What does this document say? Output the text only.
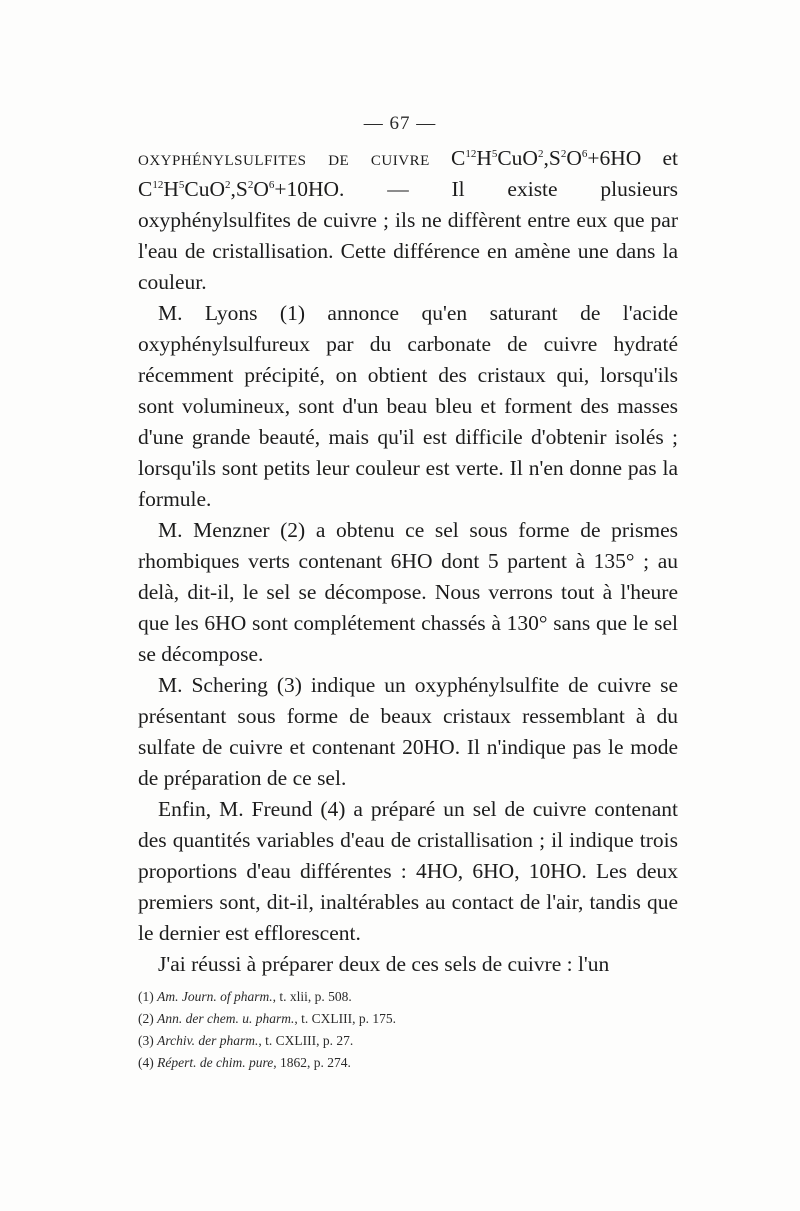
— 67 —

oxyphénylsulfites de cuivre $C^{12}H^5CuO^2,S^2O^6+6HO$ et $C^{12}H^5CuO^2,S^2O^6+10HO$. — Il existe plusieurs oxyphénylsulfites de cuivre ; ils ne diffèrent entre eux que par l'eau de cristallisation. Cette différence en amène une dans la couleur.

M. Lyons (1) annonce qu'en saturant de l'acide oxyphénylsulfureux par du carbonate de cuivre hydraté récemment précipité, on obtient des cristaux qui, lorsqu'ils sont volumineux, sont d'un beau bleu et forment des masses d'une grande beauté, mais qu'il est difficile d'obtenir isolés ; lorsqu'ils sont petits leur couleur est verte. Il n'en donne pas la formule.

M. Menzner (2) a obtenu ce sel sous forme de prismes rhombiques verts contenant 6HO dont 5 partent à 135° ; au delà, dit-il, le sel se décompose. Nous verrons tout à l'heure que les 6HO sont complétement chassés à 130° sans que le sel se décompose.

M. Schering (3) indique un oxyphénylsulfite de cuivre se présentant sous forme de beaux cristaux ressemblant à du sulfate de cuivre et contenant 20HO. Il n'indique pas le mode de préparation de ce sel.

Enfin, M. Freund (4) a préparé un sel de cuivre contenant des quantités variables d'eau de cristallisation ; il indique trois proportions d'eau différentes : 4HO, 6HO, 10HO. Les deux premiers sont, dit-il, inaltérables au contact de l'air, tandis que le dernier est efflorescent.

J'ai réussi à préparer deux de ces sels de cuivre : l'un

(1) Am. Journ. of pharm., t. xlii, p. 508.
(2) Ann. der chem. u. pharm., t. CXLIII, p. 175.
(3) Archiv. der pharm., t. CXLIII, p. 27.
(4) Répert. de chim. pure, 1862, p. 274.
